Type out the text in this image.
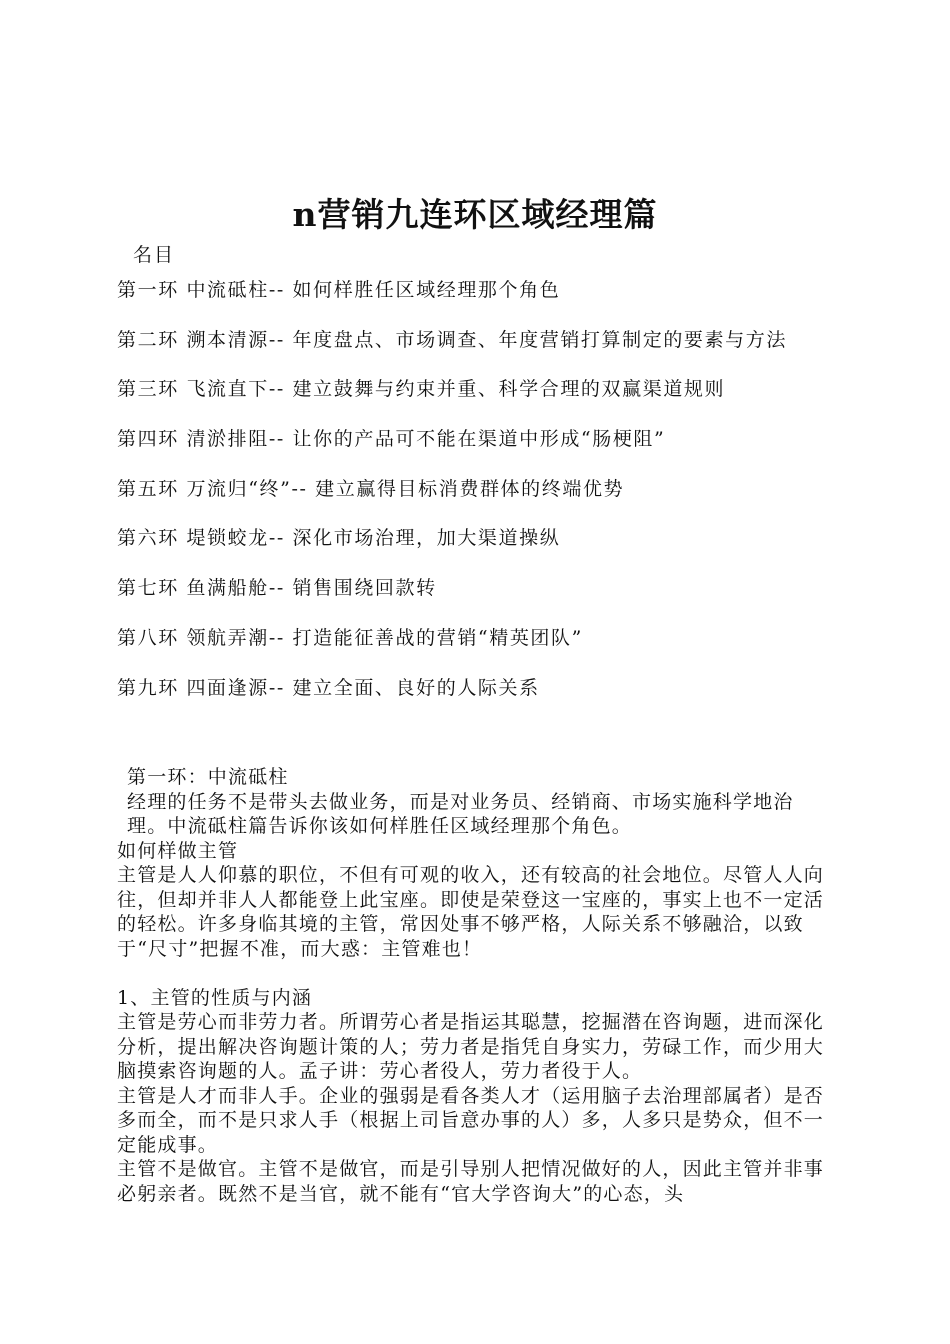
n营销九连环区域经理篇
名目
第一环 中流砥柱-- 如何样胜任区域经理那个角色
第二环 溯本清源-- 年度盘点、市场调查、年度营销打算制定的要素与方法
第三环 飞流直下-- 建立鼓舞与约束并重、科学合理的双赢渠道规则
第四环 清淤排阻-- 让你的产品可不能在渠道中形成“肠梗阻”
第五环 万流归“终”-- 建立赢得目标消费群体的终端优势
第六环 堤锁蛟龙-- 深化市场治理，加大渠道操纵
第七环 鱼满船舱-- 销售围绕回款转
第八环 领航弄潮-- 打造能征善战的营销“精英团队”
第九环 四面逢源-- 建立全面、良好的人际关系

第一环：中流砥柱

经理的任务不是带头去做业务，而是对业务员、经销商、市场实施科学地治理。中流砥柱篇告诉你该如何样胜任区域经理那个角色。

如何样做主管

主管是人人仰慕的职位，不但有可观的收入，还有较高的社会地位。尽管人人向往，但却并非人人都能登上此宝座。即使是荣登这一宝座的，事实上也不一定活的轻松。许多身临其境的主管，常因处事不够严格，人际关系不够融洽，以致于“尺寸”把握不准，而大惑：主管难也！

1、主管的性质与内涵

主管是劳心而非劳力者。所谓劳心者是指运其聪慧，挖掘潜在咨询题，进而深化分析，提出解决咨询题计策的人；劳力者是指凭自身实力，劳碌工作，而少用大脑摸索咨询题的人。孟子讲：劳心者役人，劳力者役于人。

主管是人才而非人手。企业的强弱是看各类人才（运用脑子去治理部属者）是否多而全，而不是只求人手（根据上司旨意办事的人）多，人多只是势众，但不一定能成事。

主管不是做官。主管不是做官，而是引导别人把情况做好的人，因此主管并非事必躬亲者。既然不是当官，就不能有“官大学咨询大”的心态，头
